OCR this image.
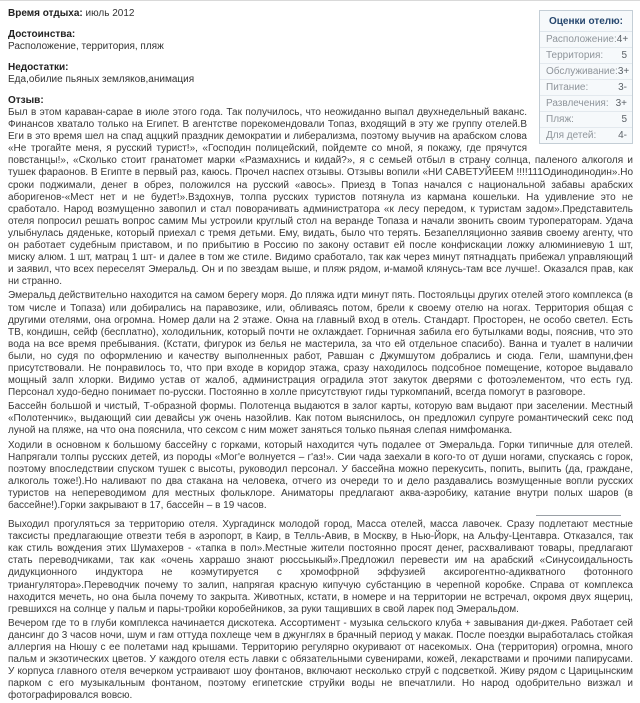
Оценки отелю:
Расположение: 4+
Территория: 5
Обслуживание: 3+
Питание:	3-
Развлечения: 3+
Пляж:	5
Для детей: 4-
Время отдыха: июль 2012
Достоинства:
Расположение, территория, пляж
Недостатки:
Еда,обилие пьяных земляков,анимация
Отзыв:

Был в этом караван-сарае в июле этого года. Так получилось, что неожиданно выпал двухнедельный ваканс. Финансов хватало только на Египет. В агентстве порекомендовали Топаз, входящий в эту же группу отелей.В Еги в это время шел на спад аццкий праздник демократии и либерализма, поэтому выучив на арабском слова «Не трогайте меня, я русский турист!», «Господин полицейский, пойдемте со мной, я покажу, где прячутся повстанцы!», «Сколько стоит гранатомет марки «Размахнись и кидай?», я с семьей отбыл в страну солнца, паленого алкоголя и тушек фараонов. В Египте в первый раз, каюсь. Прочел наспех отзывы. Отзывы вопили «НИ САВЕТУЙЕЕМ !!!!111Одинодинодин».Но сроки поджимали, денег в обрез, положился на русский «авось». Приезд в Топаз начался с национальной забавы арабских аборигенов-«Мест нет и не будет!».Вздохнув, толпа русских туристов потянула из кармана кошельки. На удивление это не сработало. Народ возмущенно завопил и стал поворачивать администратора «к лесу передом, к туристам задом».Представитель отеля попросил решать вопрос самим Мы устроили круглый стол на веранде Топаза и начали звонить своим туроператорам. Удача улыбнулась дяденьке, который приехал с тремя детьми. Ему, видать, было что терять. Безапелляционно заявив своему агенту, что он работает судебным приставом, и по прибытию в Россию по закону оставит ей после конфискации ложку алюминиевую 1 шт, миску алюм. 1 шт, матрац 1 шт- и далее в том же стиле. Видимо сработало, так как через минут пятнадцать прибежал управляющий и заявил, что всех переселят Эмеральд. Он и по звездам выше, и пляж рядом, и-мамой клянусь-там все лучше!. Оказался прав, как ни странно.

Эмеральд действительно находится на самом берегу моря. До пляжа идти минут пять. Постояльцы других отелей этого комплекса (в том числе и Топаза) или добирались на паравозике, или, обливаясь потом, брели к своему отелю на ногах. Территория общая с другими отелями, она огромна. Номер дали на 2 этаже. Окна на главный вход в отель. Стандарт. Просторен, не особо светел. Есть ТВ, кондишн, сейф (бесплатно), холодильник, который почти не охлаждает. Горничная забила его бутылками воды, пояснив, что это вода на все время пребывания. (Кстати, фигурок из белья не мастерила, за что ей отдельное спасибо). Ванна и туалет в наличии были, но судя по оформлению и качеству выполненных работ, Равшан с Джумшутом добрались и сюда. Гели, шампуни,фен присутствовали. Не понравилось то, что при входе в коридор этажа, сразу находилось подсобное помещение, которое выдавало мощный залп хлорки. Видимо устав от жалоб, администрация оградила этот закуток дверями с фотоэлементом, что есть гуд. Персонал худо-бедно понимает по-русски. Постоянно в холле присутствуют гиды туркомпаний, всегда помогут в разговоре.

Бассейн большой и чистый, Т-образной формы. Полотенца выдаются в залог карты, которую вам выдают при заселении. Местный «Полотенчик», выдающий сии девайсы уж очень назойлив. Как потом выяснилось, он предложил супруге романтический секс под луной на пляже, на что она пояснила, что сексом с ним может заняться только пьяная слепая нимфоманка.

Ходили в основном к большому бассейну с горками, который находится чуть подалее от Эмеральда. Горки типичные для отелей. Напрягали толпы русских детей, из породы «Мог'е волнуется – г'аз!». Сии чада заехали в кого-то от души ногами, спускаясь с горок, поэтому впоследствии спуском тушек с высоты, руководил персонал. У бассейна можно перекусить, попить, выпить (да, граждане, алкоголь тоже!).Но наливают по два стакана на человека, отчего из очереди то и дело раздавались возмущенные вопли русских туристов на непереводимом для местных фольклоре. Аниматоры предлагают аква-аэробику, катание внутри полых шаров (в бассейне!).Горки закрывают в 17, бассейн – в 19 часов.

Выходил прогуляться за территорию отеля. Хургадинск молодой город, Масса отелей, масса лавочек. Сразу подлетают местные таксисты предлагающие отвезти тебя в аэропорт, в Каир, в Телль-Авив, в Москву, в Нью-Йорк, на Альфу-Центавра. Отказался, так как стиль вождения этих Шумахеров - «тапка в пол».Местные жители постоянно просят денег, расхваливают товары, предлагают стать переводчиками, так как «очень харрашо знают рюссьыкый».Предложил перевести им на арабский «Синусоидальность дидукционного индуктора не коэмутируется с хромофрной эффузией аксирогентно-адикватного фотонного триангулятора».Переводчик почему то залип, напрягая красную кипучую субстанцию в черепной коробке. Справа от комплекса находится мечеть, но она была почему то закрыта. Животных, кстати, в номере и на территории не встречал, окромя двух ящериц, гревшихся на солнце у пальм и пары-тройки коробейников, за руки тащивших в свой ларек под Эмеральдом.

Вечером где то в глуби комплекса начинается дискотека. Ассортимент - музыка сельского клуба + завывания ди-джея. Работает сей дансинг до 3 часов ночи, шум и гам оттуда похлеще чем в джунглях в брачный период у макак. После поездки выработалась стойкая аллергия на Нюшу с ее полетами над крышами. Территорию регулярно окуривают от насекомых. Она (территория) огромна, много пальм и экзотических цветов. У каждого отеля есть лавки с обязательными сувенирами, кожей, лекарствами и прочими папирусами. У корпуса главного отеля вечерком устраивают шоу фонтанов, включают несколько струй с подсветкой. Живу рядом с Царицынским парком с его музыкальным фонтаном, поэтому египетские струйки воды не впечатлили. Но народ одобрительно визжал и фотографировался вовсю.
